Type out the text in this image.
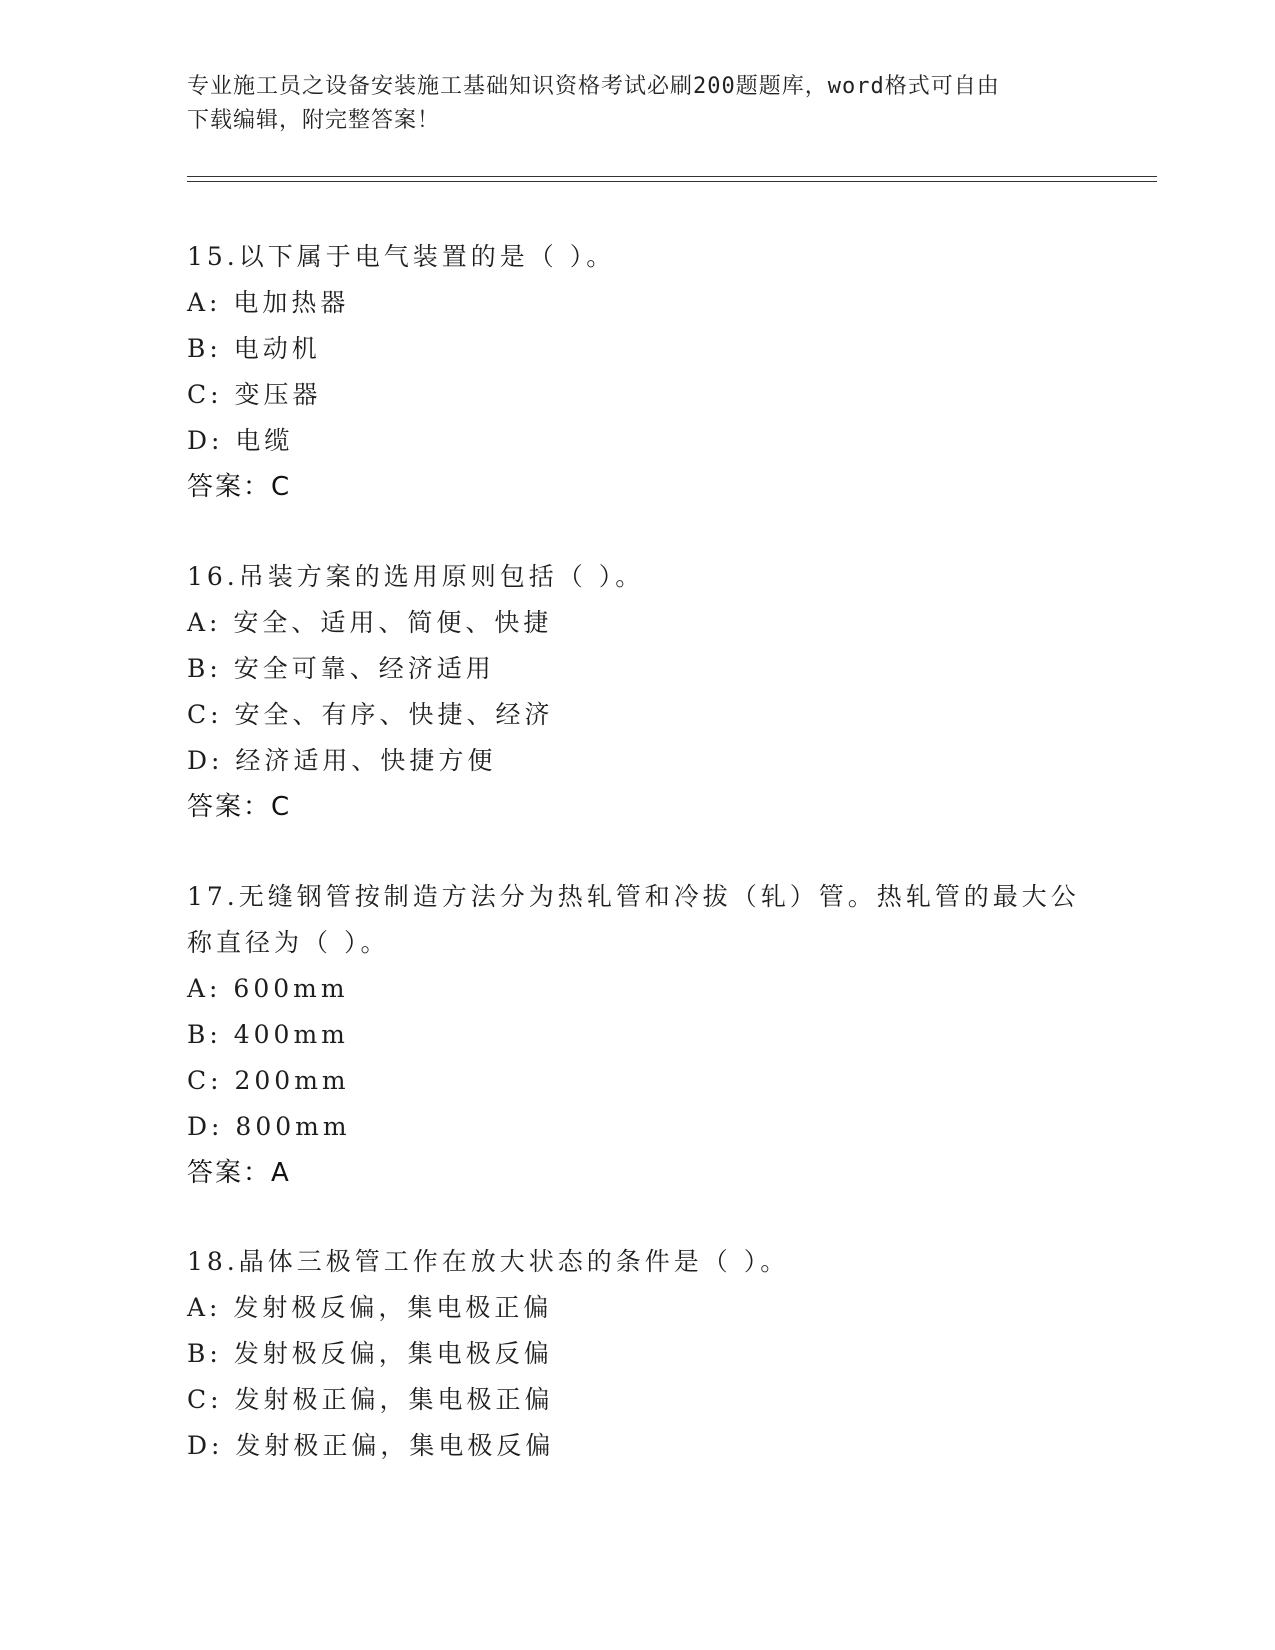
专业施工员之设备安装施工基础知识资格考试必刷200题题库，word格式可自由
下载编辑，附完整答案！
15.以下属于电气装置的是（ ）。
A: 电加热器
B: 电动机
C: 变压器
D: 电缆
答案：C
16.吊装方案的选用原则包括（ ）。
A: 安全、适用、简便、快捷
B: 安全可靠、经济适用
C: 安全、有序、快捷、经济
D: 经济适用、快捷方便
答案：C
17.无缝钢管按制造方法分为热轧管和冷拔（轧）管。热轧管的最大公称直径为（ ）。
A: 600mm
B: 400mm
C: 200mm
D: 800mm
答案：A
18.晶体三极管工作在放大状态的条件是（ ）。
A: 发射极反偏，集电极正偏
B: 发射极反偏，集电极反偏
C: 发射极正偏，集电极正偏
D: 发射极正偏，集电极反偏
